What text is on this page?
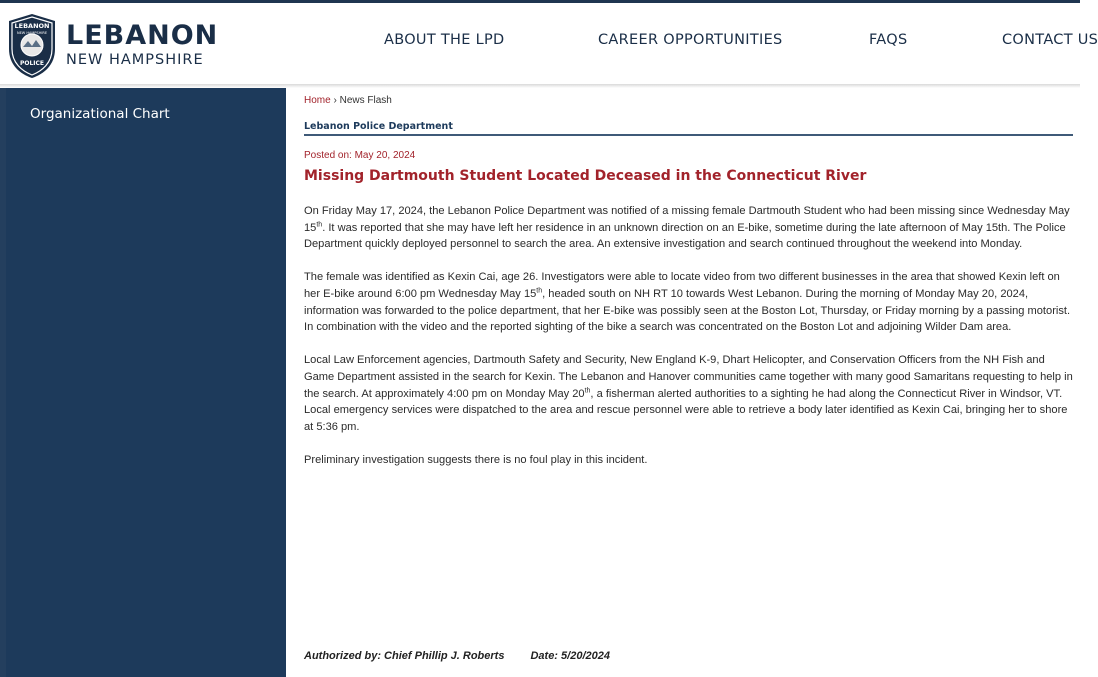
LEBANON
NEW HAMPSHIRE
POLICE
LEBANON
NEW HAMPSHIRE
ABOUT THE LPD	CAREER OPPORTUNITIES	FAQS	CONTACT US
Organizational Chart
Home › News Flash
Lebanon Police Department
Posted on: May 20, 2024
Missing Dartmouth Student Located Deceased in the Connecticut River

On Friday May 17, 2024, the Lebanon Police Department was notified of a missing female Dartmouth Student who had been missing since Wednesday May 15th. It was reported that she may have left her residence in an unknown direction on an E-bike, sometime during the late afternoon of May 15th. The Police Department quickly deployed personnel to search the area. An extensive investigation and search continued throughout the weekend into Monday.

The female was identified as Kexin Cai, age 26. Investigators were able to locate video from two different businesses in the area that showed Kexin left on her E-bike around 6:00 pm Wednesday May 15th, headed south on NH RT 10 towards West Lebanon. During the morning of Monday May 20, 2024, information was forwarded to the police department, that her E-bike was possibly seen at the Boston Lot, Thursday, or Friday morning by a passing motorist. In combination with the video and the reported sighting of the bike a search was concentrated on the Boston Lot and adjoining Wilder Dam area.

Local Law Enforcement agencies, Dartmouth Safety and Security, New England K-9, Dhart Helicopter, and Conservation Officers from the NH Fish and Game Department assisted in the search for Kexin. The Lebanon and Hanover communities came together with many good Samaritans requesting to help in the search. At approximately 4:00 pm on Monday May 20th, a fisherman alerted authorities to a sighting he had along the Connecticut River in Windsor, VT. Local emergency services were dispatched to the area and rescue personnel were able to retrieve a body later identified as Kexin Cai, bringing her to shore at 5:36 pm.

Preliminary investigation suggests there is no foul play in this incident.

Authorized by: Chief Phillip J. Roberts Date: 5/20/2024
